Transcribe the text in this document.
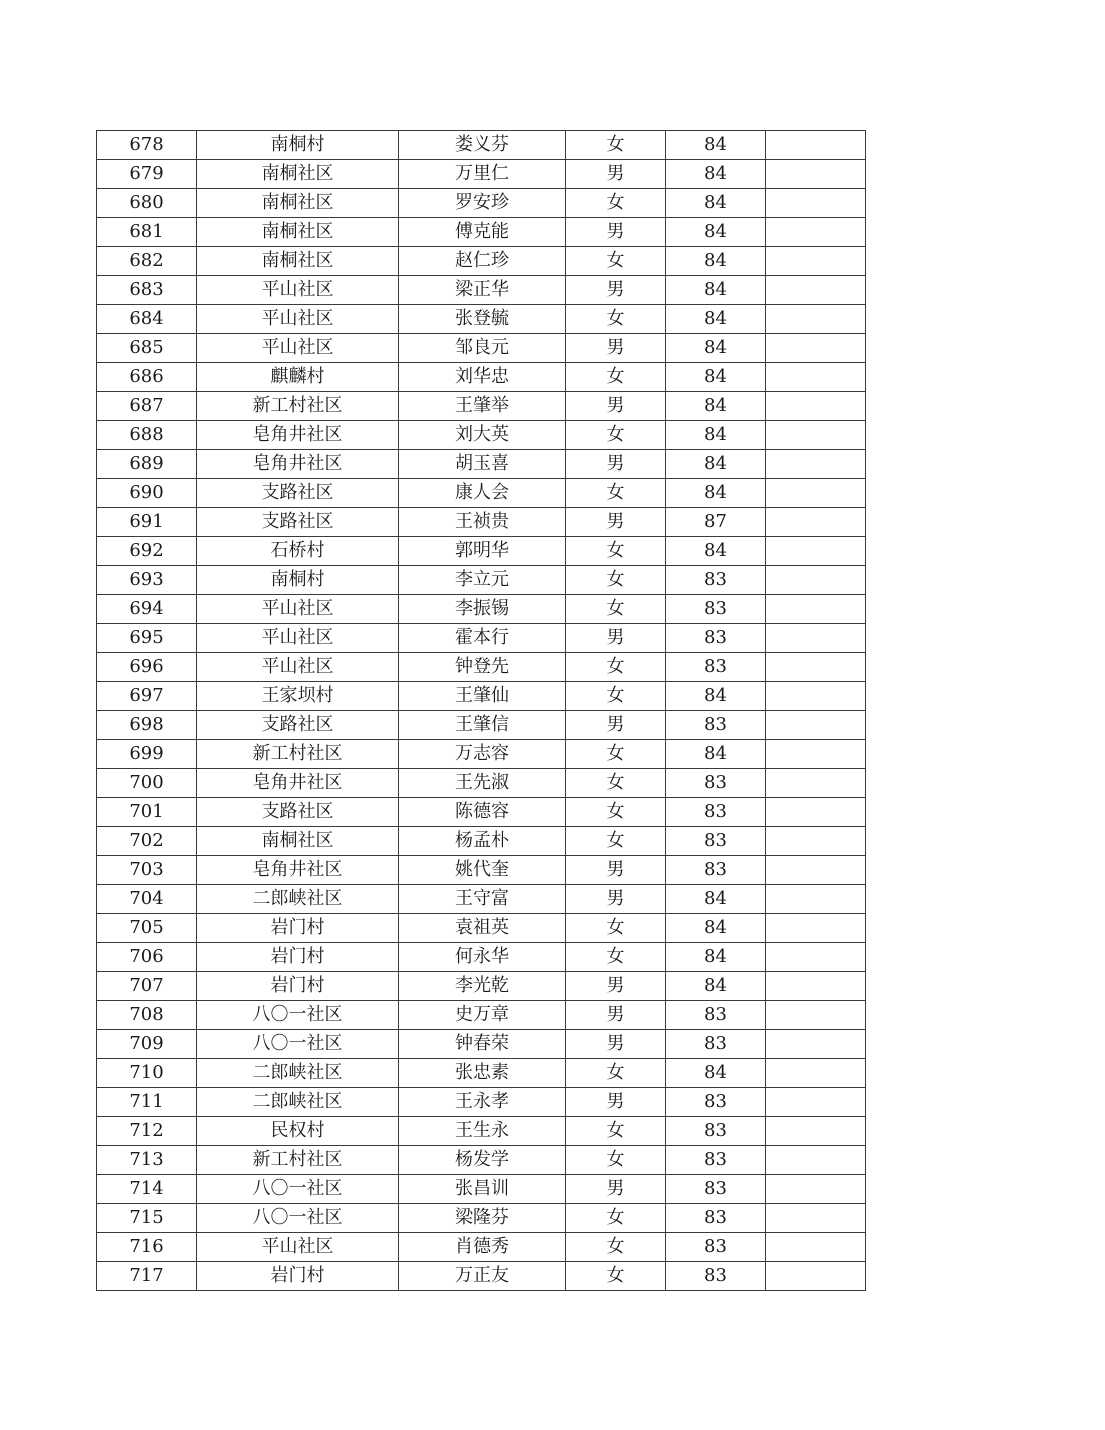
678	南桐村	娄义芬	女	84	
679	南桐社区	万里仁	男	84	
680	南桐社区	罗安珍	女	84	
681	南桐社区	傅克能	男	84	
682	南桐社区	赵仁珍	女	84	
683	平山社区	梁正华	男	84	
684	平山社区	张登毓	女	84	
685	平山社区	邹良元	男	84	
686	麒麟村	刘华忠	女	84	
687	新工村社区	王肇举	男	84	
688	皂角井社区	刘大英	女	84	
689	皂角井社区	胡玉喜	男	84	
690	支路社区	康人会	女	84	
691	支路社区	王祯贵	男	87	
692	石桥村	郭明华	女	84	
693	南桐村	李立元	女	83	
694	平山社区	李振锡	女	83	
695	平山社区	霍本行	男	83	
696	平山社区	钟登先	女	83	
697	王家坝村	王肇仙	女	84	
698	支路社区	王肇信	男	83	
699	新工村社区	万志容	女	84	
700	皂角井社区	王先淑	女	83	
701	支路社区	陈德容	女	83	
702	南桐社区	杨孟朴	女	83	
703	皂角井社区	姚代奎	男	83	
704	二郎峡社区	王守富	男	84	
705	岩门村	袁祖英	女	84	
706	岩门村	何永华	女	84	
707	岩门村	李光乾	男	84	
708	八〇一社区	史万章	男	83	
709	八〇一社区	钟春荣	男	83	
710	二郎峡社区	张忠素	女	84	
711	二郎峡社区	王永孝	男	83	
712	民权村	王生永	女	83	
713	新工村社区	杨发学	女	83	
714	八〇一社区	张昌训	男	83	
715	八〇一社区	梁隆芬	女	83	
716	平山社区	肖德秀	女	83	
717	岩门村	万正友	女	83	
